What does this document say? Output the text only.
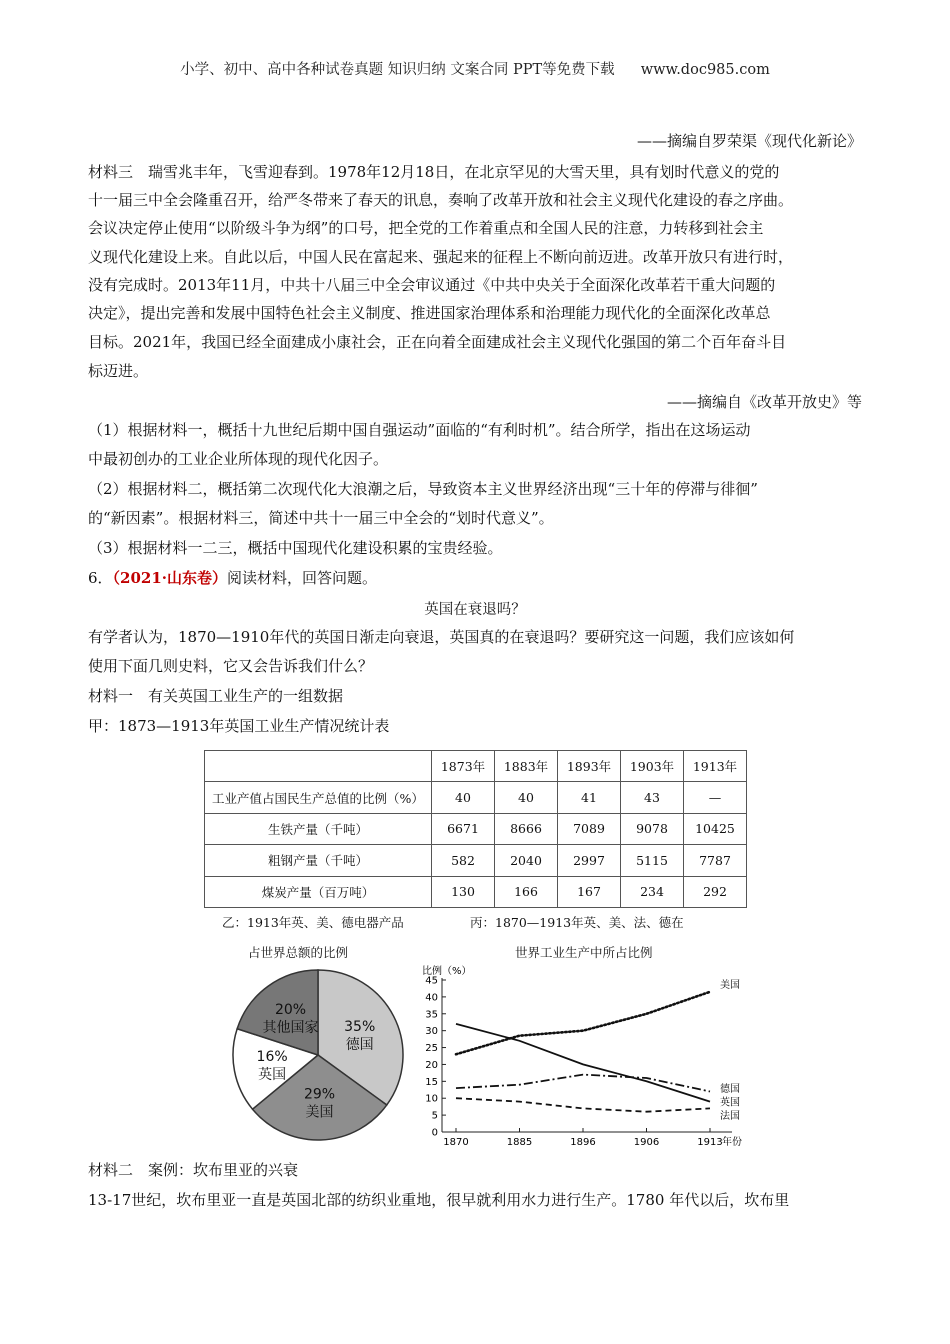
小学、初中、高中各种试卷真题 知识归纳 文案合同 PPT等免费下载 www.doc985.com
——摘编自罗荣渠《现代化新论》
材料三　瑞雪兆丰年，飞雪迎春到。1978年12月18日，在北京罕见的大雪天里，具有划时代意义的党的
十一届三中全会隆重召开，给严冬带来了春天的讯息，奏响了改革开放和社会主义现代化建设的春之序曲。
会议决定停止使用“以阶级斗争为纲”的口号，把全党的工作着重点和全国人民的注意，力转移到社会主
义现代化建设上来。自此以后，中国人民在富起来、强起来的征程上不断向前迈进。改革开放只有进行时，
没有完成时。2013年11月，中共十八届三中全会审议通过《中共中央关于全面深化改革若干重大问题的
决定》，提出完善和发展中国特色社会主义制度、推进国家治理体系和治理能力现代化的全面深化改革总
目标。2021年，我国已经全面建成小康社会，正在向着全面建成社会主义现代化强国的第二个百年奋斗目
标迈进。
——摘编自《改革开放史》等
（1）根据材料一，概括十九世纪后期中国自强运动”面临的“有利时机”。结合所学，指出在这场运动
中最初创办的工业企业所体现的现代化因子。
（2）根据材料二，概括第二次现代化大浪潮之后，导致资本主义世界经济出现“三十年的停滞与徘徊”
的“新因素”。根据材料三，简述中共十一届三中全会的“划时代意义”。
（3）根据材料一二三，概括中国现代化建设积累的宝贵经验。
6．（2021·山东卷）阅读材料，回答问题。
英国在衰退吗？
有学者认为，1870—1910年代的英国日渐走向衰退，英国真的在衰退吗？要研究这一问题，我们应该如何
使用下面几则史料，它又会告诉我们什么？
材料一　有关英国工业生产的一组数据
甲：1873—1913年英国工业生产情况统计表
	1873年	1883年	1893年	1903年	1913年
工业产值占国民生产总值的比例（%）	40	40	41	43	—
生铁产量（千吨）	6671	8666	7089	9078	10425
粗钢产量（千吨）	582	2040	2997	5115	7787
煤炭产量（百万吨）	130	166	167	234	292
乙：1913年英、美、德电器产品	丙：1870—1913年英、美、法、德在
占世界总额的比例	世界工业生产中所占比例
35%
德国
29%
美国
16%
英国
20%
其他国家
0
5
10
15
20
25
30
35
40
45
比例（%）
1870	1885	1896	1906	1913 年份
美国
德国
英国
法国
材料二　案例：坎布里亚的兴衰
13-17世纪，坎布里亚一直是英国北部的纺织业重地，很早就利用水力进行生产。1780 年代以后，坎布里
